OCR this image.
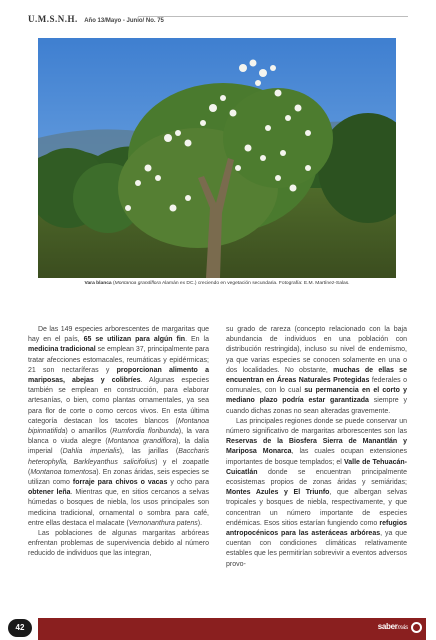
U.M.S.N.H. Año 13/Mayo - Junio/ No. 75
Vara blanca (Montanoa grandiflora Alamán ex DC.) creciendo en vegetación secundaria. Fotografía: E.M. Martínez-Salas.

De las 149 especies arborescentes de margaritas que hay en el país, 65 se utilizan para algún fin. En la medicina tradicional se emplean 37, principalmente para tratar afecciones estomacales, reumáticas y epidérmicas; 21 son nectaríferas y proporcionan alimento a mariposas, abejas y colibríes. Algunas especies también se emplean en construcción, para elaborar artesanías, o bien, como plantas ornamentales, ya sea para flor de corte o como cercos vivos. En esta última categoría destacan los tacotes blancos (Montanoa bipinnatifida) o amarillos (Rumfordia floribunda), la vara blanca o viuda alegre (Montanoa grandiflora), la dalia imperial (Dahlia imperialis), las jarillas (Baccharis heterophylla, Barkleyanthus salicifolius) y el zoapatle (Montanoa tomentosa). En zonas áridas, seis especies se utilizan como forraje para chivos o vacas y ocho para obtener leña. Mientras que, en sitios cercanos a selvas húmedas o bosques de niebla, los usos principales son medicina tradicional, ornamental o sombra para café, entre ellas destaca el malacate (Vernonanthura patens).

Las poblaciones de algunas margaritas arbóreas enfrentan problemas de supervivencia debido al número reducido de individuos que las integran,

su grado de rareza (concepto relacionado con la baja abundancia de individuos en una población con distribución restringida), incluso su nivel de endemismo, ya que varias especies se conocen solamente en una o dos localidades. No obstante, muchas de ellas se encuentran en Áreas Naturales Protegidas federales o comunales, con lo cual su permanencia en el corto y mediano plazo podría estar garantizada siempre y cuando dichas zonas no sean alteradas gravemente.

Las principales regiones donde se puede conservar un número significativo de margaritas arborescentes son las Reservas de la Biosfera Sierra de Manantlán y Mariposa Monarca, las cuales ocupan extensiones importantes de bosque templados; el Valle de Tehuacán-Cuicatlán donde se encuentran principalmente ecosistemas propios de zonas áridas y semiáridas; Montes Azules y El Triunfo, que albergan selvas tropicales y bosques de niebla, respectivamente, y que concentran un número importante de especies endémicas. Esos sitios estarían fungiendo como refugios antropocénicos para las asteráceas arbóreas, ya que cuentan con condiciones climáticas relativamente estables que les permitirían sobrevivir a eventos adversos provo-

42	sabermás
